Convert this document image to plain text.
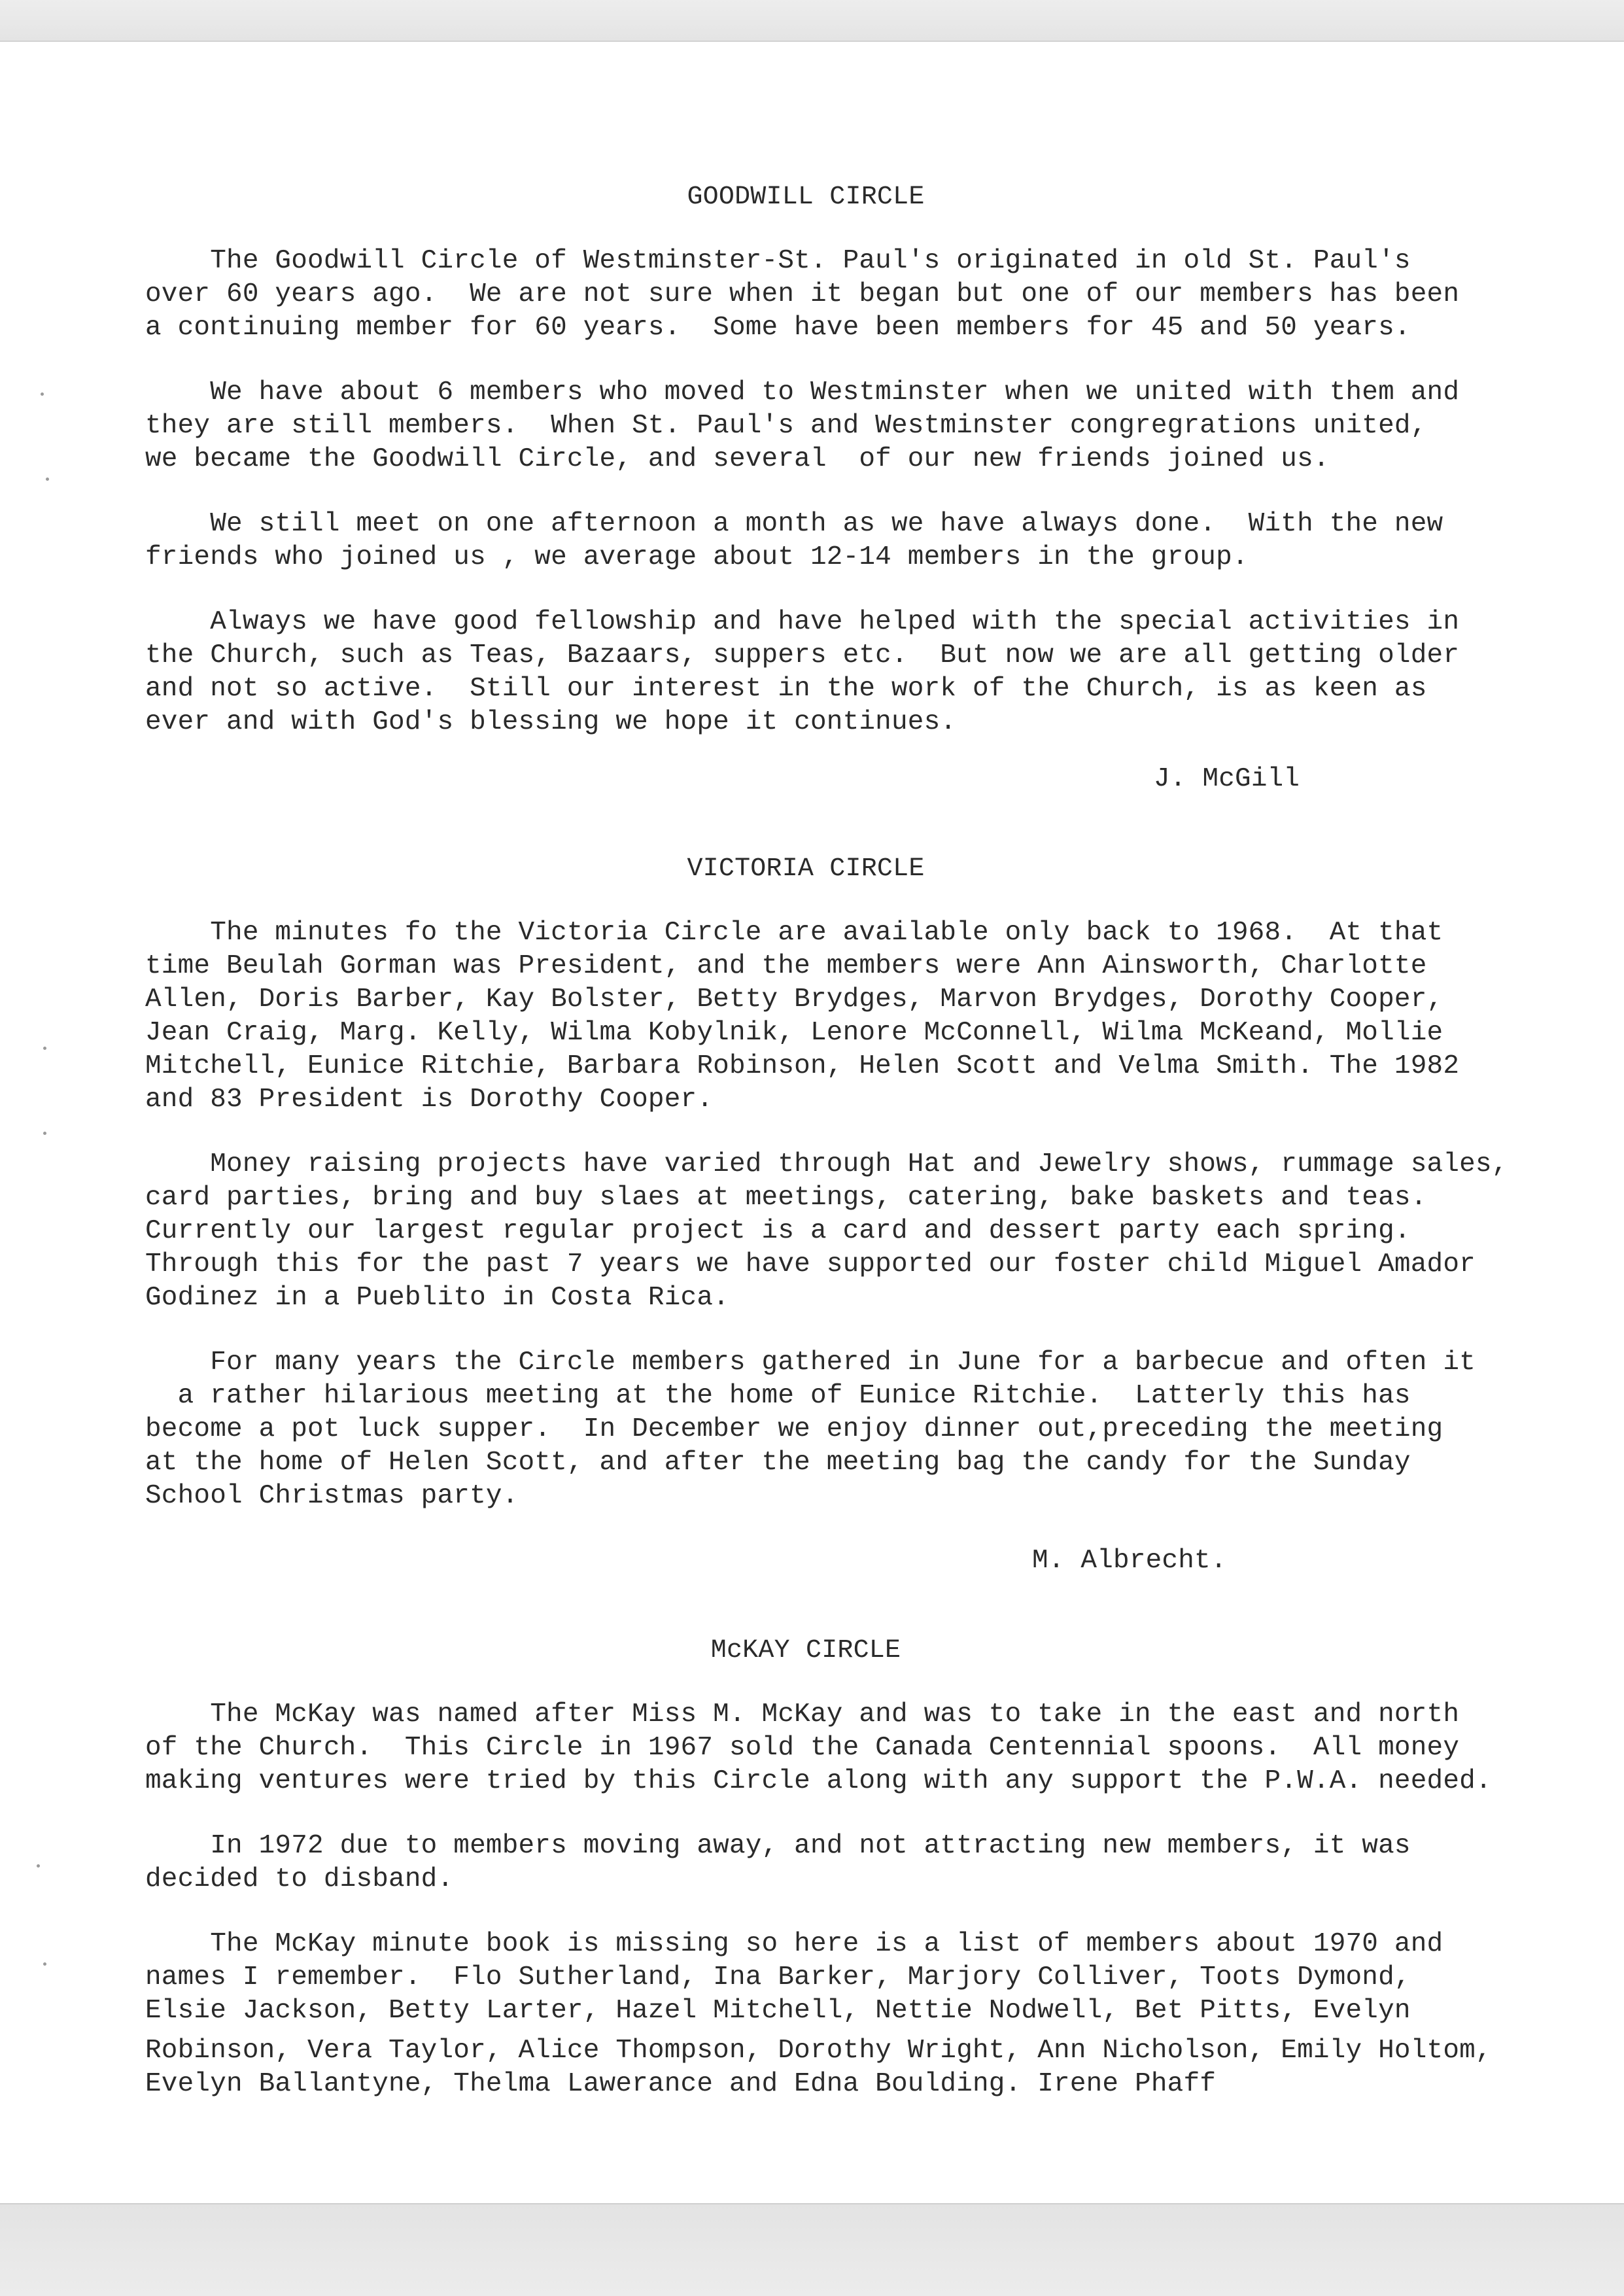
GOODWILL CIRCLE
The Goodwill Circle of Westminster-St. Paul's originated in old St. Paul's
over 60 years ago.  We are not sure when it began but one of our members has been
a continuing member for 60 years.  Some have been members for 45 and 50 years.
We have about 6 members who moved to Westminster when we united with them and
they are still members.  When St. Paul's and Westminster congregrations united,
we became the Goodwill Circle, and several  of our new friends joined us.
We still meet on one afternoon a month as we have always done.  With the new
friends who joined us , we average about 12-14 members in the group.
Always we have good fellowship and have helped with the special activities in
the Church, such as Teas, Bazaars, suppers etc.  But now we are all getting older
and not so active.  Still our interest in the work of the Church, is as keen as
ever and with God's blessing we hope it continues.
J. McGill
VICTORIA CIRCLE
The minutes fo the Victoria Circle are available only back to 1968.  At that
time Beulah Gorman was President, and the members were Ann Ainsworth, Charlotte
Allen, Doris Barber, Kay Bolster, Betty Brydges, Marvon Brydges, Dorothy Cooper,
Jean Craig, Marg. Kelly, Wilma Kobylnik, Lenore McConnell, Wilma McKeand, Mollie
Mitchell, Eunice Ritchie, Barbara Robinson, Helen Scott and Velma Smith. The 1982
and 83 President is Dorothy Cooper.
Money raising projects have varied through Hat and Jewelry shows, rummage sales,
card parties, bring and buy slaes at meetings, catering, bake baskets and teas.
Currently our largest regular project is a card and dessert party each spring.
Through this for the past 7 years we have supported our foster child Miguel Amador
Godinez in a Pueblito in Costa Rica.
For many years the Circle members gathered in June for a barbecue and often it
a rather hilarious meeting at the home of Eunice Ritchie.  Latterly this has
become a pot luck supper.  In December we enjoy dinner out,preceding the meeting
at the home of Helen Scott, and after the meeting bag the candy for the Sunday
School Christmas party.
M. Albrecht.
McKAY CIRCLE
The McKay was named after Miss M. McKay and was to take in the east and north
of the Church.  This Circle in 1967 sold the Canada Centennial spoons.  All money
making ventures were tried by this Circle along with any support the P.W.A. needed.
In 1972 due to members moving away, and not attracting new members, it was
decided to disband.
The McKay minute book is missing so here is a list of members about 1970 and
names I remember.  Flo Sutherland, Ina Barker, Marjory Colliver, Toots Dymond,
Elsie Jackson, Betty Larter, Hazel Mitchell, Nettie Nodwell, Bet Pitts, Evelyn
Robinson, Vera Taylor, Alice Thompson, Dorothy Wright, Ann Nicholson, Emily Holtom,
Evelyn Ballantyne, Thelma Lawerance and Edna Boulding. Irene Phaff
